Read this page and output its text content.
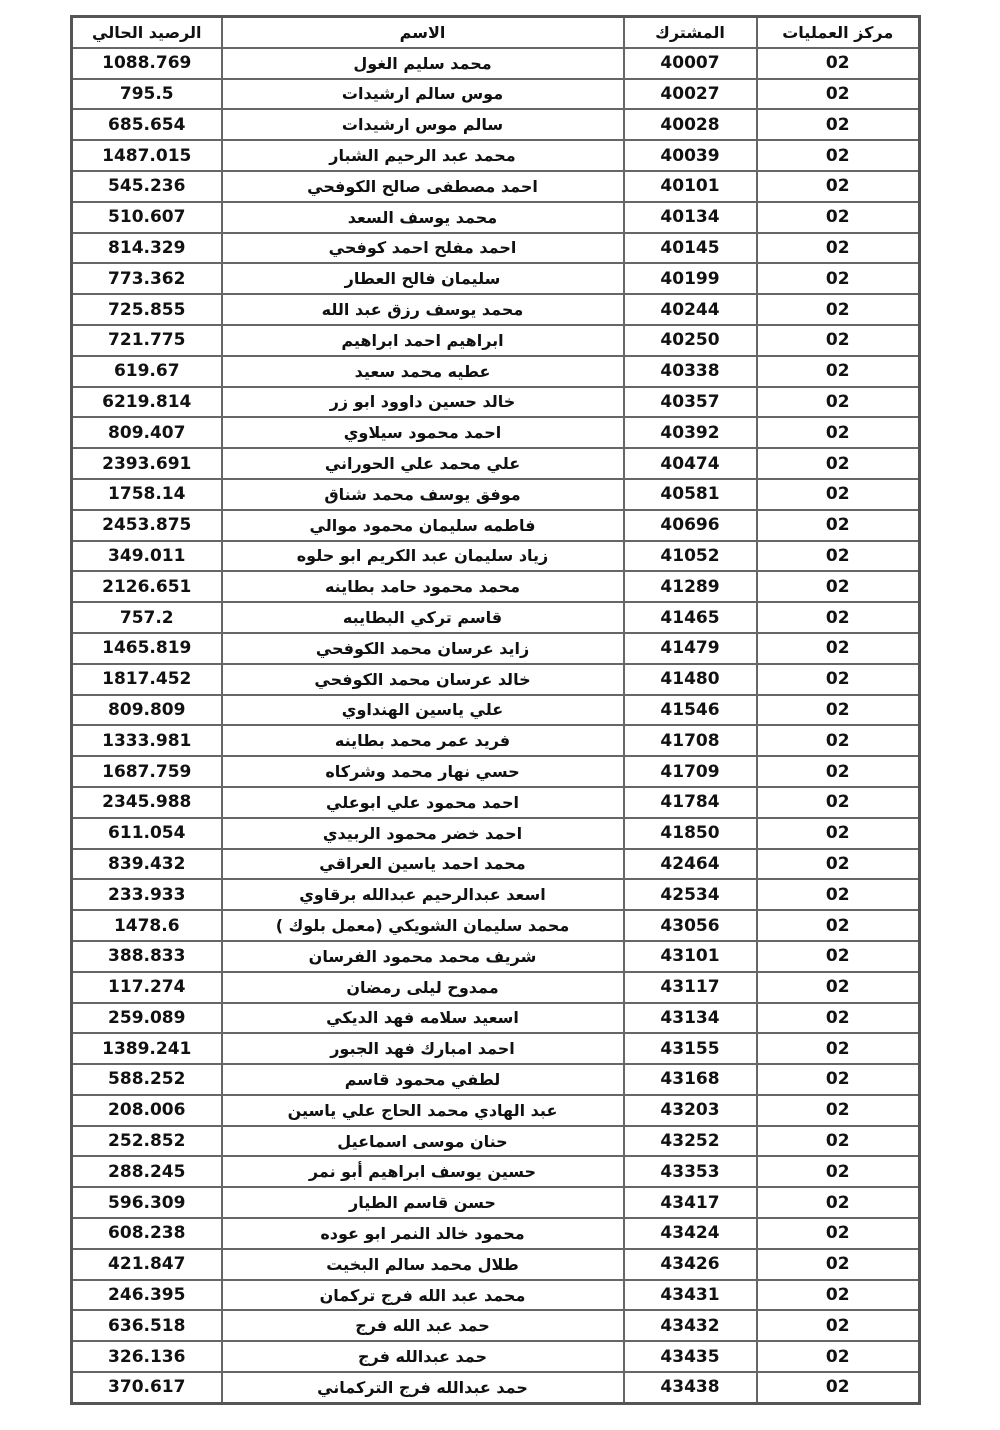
مركز العمليات	المشترك	الاسم	الرصيد الحالي
02	40007	محمد سليم الغول	1088.769
02	40027	موس سالم ارشيدات	795.5
02	40028	سالم موس ارشيدات	685.654
02	40039	محمد عبد الرحيم الشبار	1487.015
02	40101	احمد مصطفى صالح الكوفحي	545.236
02	40134	محمد يوسف السعد	510.607
02	40145	احمد مفلح احمد كوفحي	814.329
02	40199	سليمان فالح العطار	773.362
02	40244	محمد يوسف رزق عبد الله	725.855
02	40250	ابراهيم احمد ابراهيم	721.775
02	40338	عطيه محمد سعيد	619.67
02	40357	خالد حسين داوود ابو زر	6219.814
02	40392	احمد محمود سيلاوي	809.407
02	40474	علي محمد علي الحوراني	2393.691
02	40581	موفق يوسف محمد شناق	1758.14
02	40696	فاطمه سليمان محمود موالي	2453.875
02	41052	زياد سليمان عبد الكريم ابو حلوه	349.011
02	41289	محمد محمود حامد بطاينه	2126.651
02	41465	قاسم تركي البطايبه	757.2
02	41479	زايد عرسان محمد الكوفحي	1465.819
02	41480	خالد عرسان محمد الكوفحي	1817.452
02	41546	علي ياسين الهنداوي	809.809
02	41708	فريد عمر محمد بطاينه	1333.981
02	41709	حسي نهار محمد وشركاه	1687.759
02	41784	احمد محمود علي ابوعلي	2345.988
02	41850	احمد خضر محمود الربيدي	611.054
02	42464	محمد احمد ياسين العراقي	839.432
02	42534	اسعد عبدالرحيم عبدالله برقاوي	233.933
02	43056	محمد سليمان الشويكي (معمل بلوك )	1478.6
02	43101	شريف محمد محمود الفرسان	388.833
02	43117	ممدوح ليلى رمضان	117.274
02	43134	اسعيد سلامه فهد الديكي	259.089
02	43155	احمد امبارك فهد الجبور	1389.241
02	43168	لطفي محمود قاسم	588.252
02	43203	عبد الهادي محمد الحاج علي ياسين	208.006
02	43252	حنان موسى اسماعيل	252.852
02	43353	حسين يوسف ابراهيم أبو نمر	288.245
02	43417	حسن قاسم الطيار	596.309
02	43424	محمود خالد النمر ابو عوده	608.238
02	43426	طلال محمد سالم البخيت	421.847
02	43431	محمد عبد الله فرج تركمان	246.395
02	43432	حمد عبد الله فرج	636.518
02	43435	حمد عبدالله فرج	326.136
02	43438	حمد عبدالله فرج التركماني	370.617
